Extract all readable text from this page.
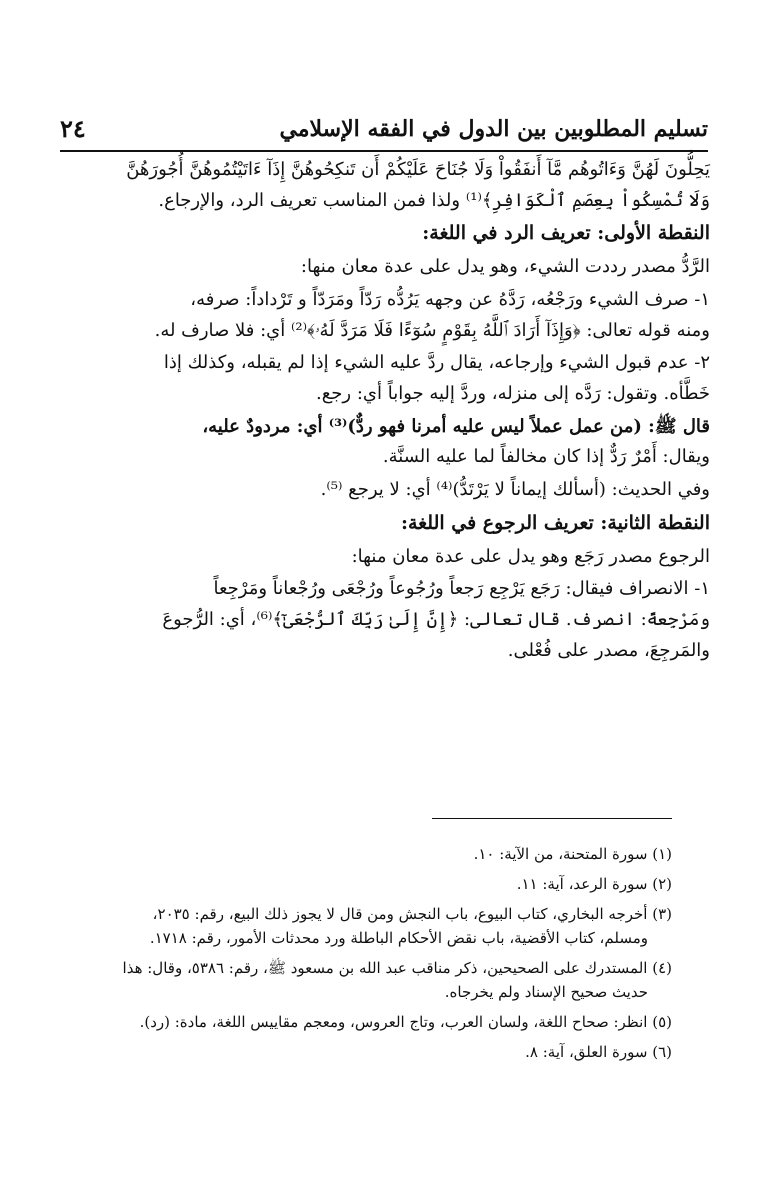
تسليم المطلوبين بين الدول في الفقه الإسلامي
٢٤
يَحِلُّونَ لَهُنَّ وَءَاتُوهُم مَّآ أَنفَقُواْ وَلَا جُنَاحَ عَلَيْكُمْ أَن تَنكِحُوهُنَّ إِذَآ ءَاتَيْتُمُوهُنَّ أُجُورَهُنَّ
وَلَا تُمْسِكُواْ بِعِصَمِ ٱلْكَوَافِرِ﴾⁽¹⁾ ولذا فمن المناسب تعريف الرد، والإرجاع.
النقطة الأولى: تعريف الرد في اللغة:
الرَّدُّ مصدر رددت الشيء، وهو يدل على عدة معان منها:
١- صرف الشيء ورَجْعُه، رَدَّهُ عن وجهه يَرُدُّه رَدّاً ومَرَدّاً و تَرْداداً: صرفه،
ومنه قوله تعالى: ﴿وَإِذَآ أَرَادَ ٱللَّهُ بِقَوْمٍ سُوٓءًا فَلَا مَرَدَّ لَهُۥ﴾⁽²⁾ أي: فلا صارف له.
٢- عدم قبول الشيء وإرجاعه، يقال ردَّ عليه الشيء إذا لم يقبله، وكذلك إذا
خَطَّأه. وتقول: رَدَّه إلى منزله، وردَّ إليه جواباً أي: رجع.
قال ﷺ: (من عمل عملاً ليس عليه أمرنا فهو ردٌّ)⁽³⁾ أي: مردودٌ عليه،
ويقال: أَمْرٌ رَدٌّ إذا كان مخالفاً لما عليه السنَّة.
وفي الحديث: (أسألك إيماناً لا يَرْتَدُّ)⁽⁴⁾ أي: لا يرجع ⁽⁵⁾.
النقطة الثانية: تعريف الرجوع في اللغة:
الرجوع مصدر رَجَع وهو يدل على عدة معان منها:
١- الانصراف فيقال: رَجَع يَرْجِع رَجعاً ورُجُوعاً ورُجْعَى ورُجْعاناً ومَرْجِعاً
ومَرْجِعةً: انصرف. قال تعالى: ﴿إِنَّ إِلَىٰ رَبِّكَ ٱلرُّجْعَىٰٓ﴾⁽⁶⁾، أي: الرُّجوعَ
والمَرجِعَ، مصدر على فُعْلى.
(١) سورة المتحنة، من الآية: ١٠.
(٢) سورة الرعد، آية: ١١.
(٣) أخرجه البخاري، كتاب البيوع، باب النجش ومن قال لا يجوز ذلك البيع، رقم: ٢٠٣٥،
ومسلم، كتاب الأقضية، باب نقض الأحكام الباطلة ورد محدثات الأمور، رقم: ١٧١٨.
(٤) المستدرك على الصحيحين، ذكر مناقب عبد الله بن مسعود ﷺ، رقم: ٥٣٨٦، وقال: هذا
حديث صحيح الإسناد ولم يخرجاه.
(٥) انظر: صحاح اللغة، ولسان العرب، وتاج العروس، ومعجم مقاييس اللغة، مادة: (رد).
(٦) سورة العلق، آية: ٨.
